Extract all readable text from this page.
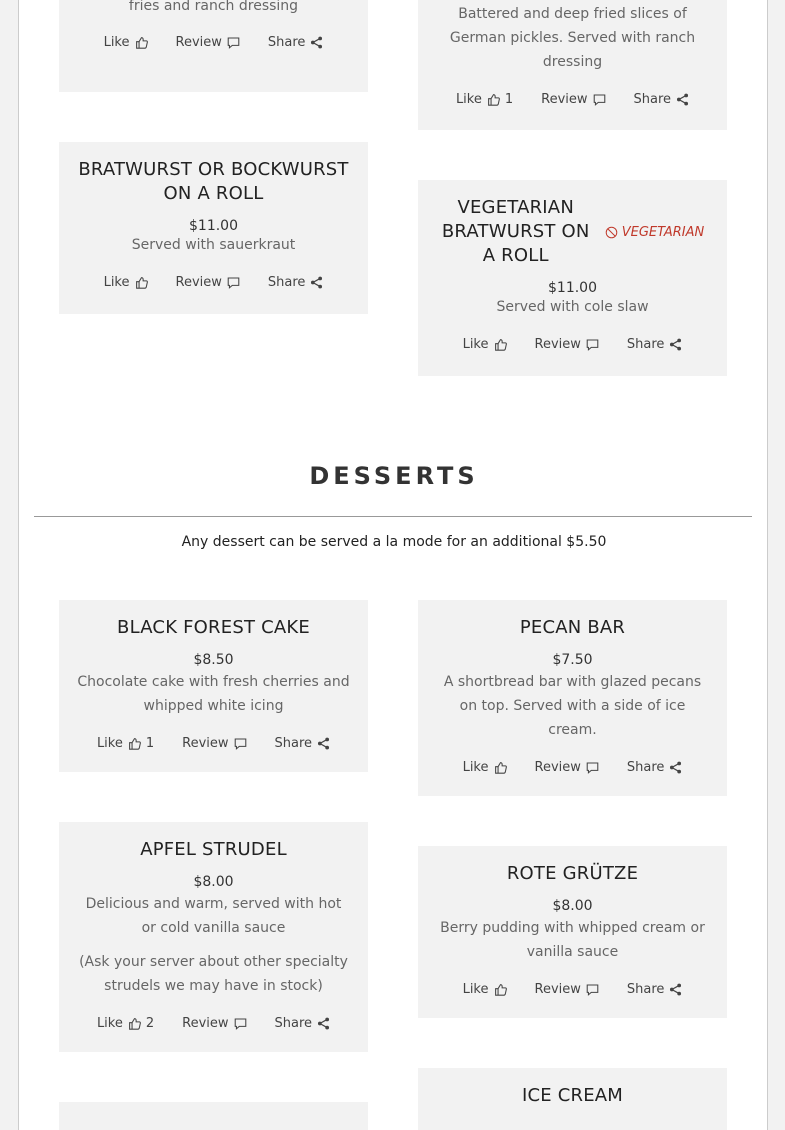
fries and ranch dressing
Like	Review	Share
Battered and deep fried slices of German pickles. Served with ranch dressing
Like 1 Review	Share
BRATWURST OR BOCKWURST ON A ROLL
$11.00
Served with sauerkraut
Like	Review	Share
VEGETARIAN BRATWURST ON A ROLL
VEGETARIAN
$11.00
Served with cole slaw
Like	Review	Share
DESSERTS
Any dessert can be served a la mode for an additional $5.50
BLACK FOREST CAKE
$8.50
Chocolate cake with fresh cherries and whipped white icing
Like 1 Review	Share
PECAN BAR
$7.50
A shortbread bar with glazed pecans on top. Served with a side of ice cream.
Like	Review	Share
APFEL STRUDEL
$8.00
Delicious and warm, served with hot or cold vanilla sauce
(Ask your server about other specialty strudels we may have in stock)
Like 2 Review	Share
ROTE GRÜTZE
$8.00
Berry pudding with whipped cream or vanilla sauce
Like	Review	Share
ICE CREAM
